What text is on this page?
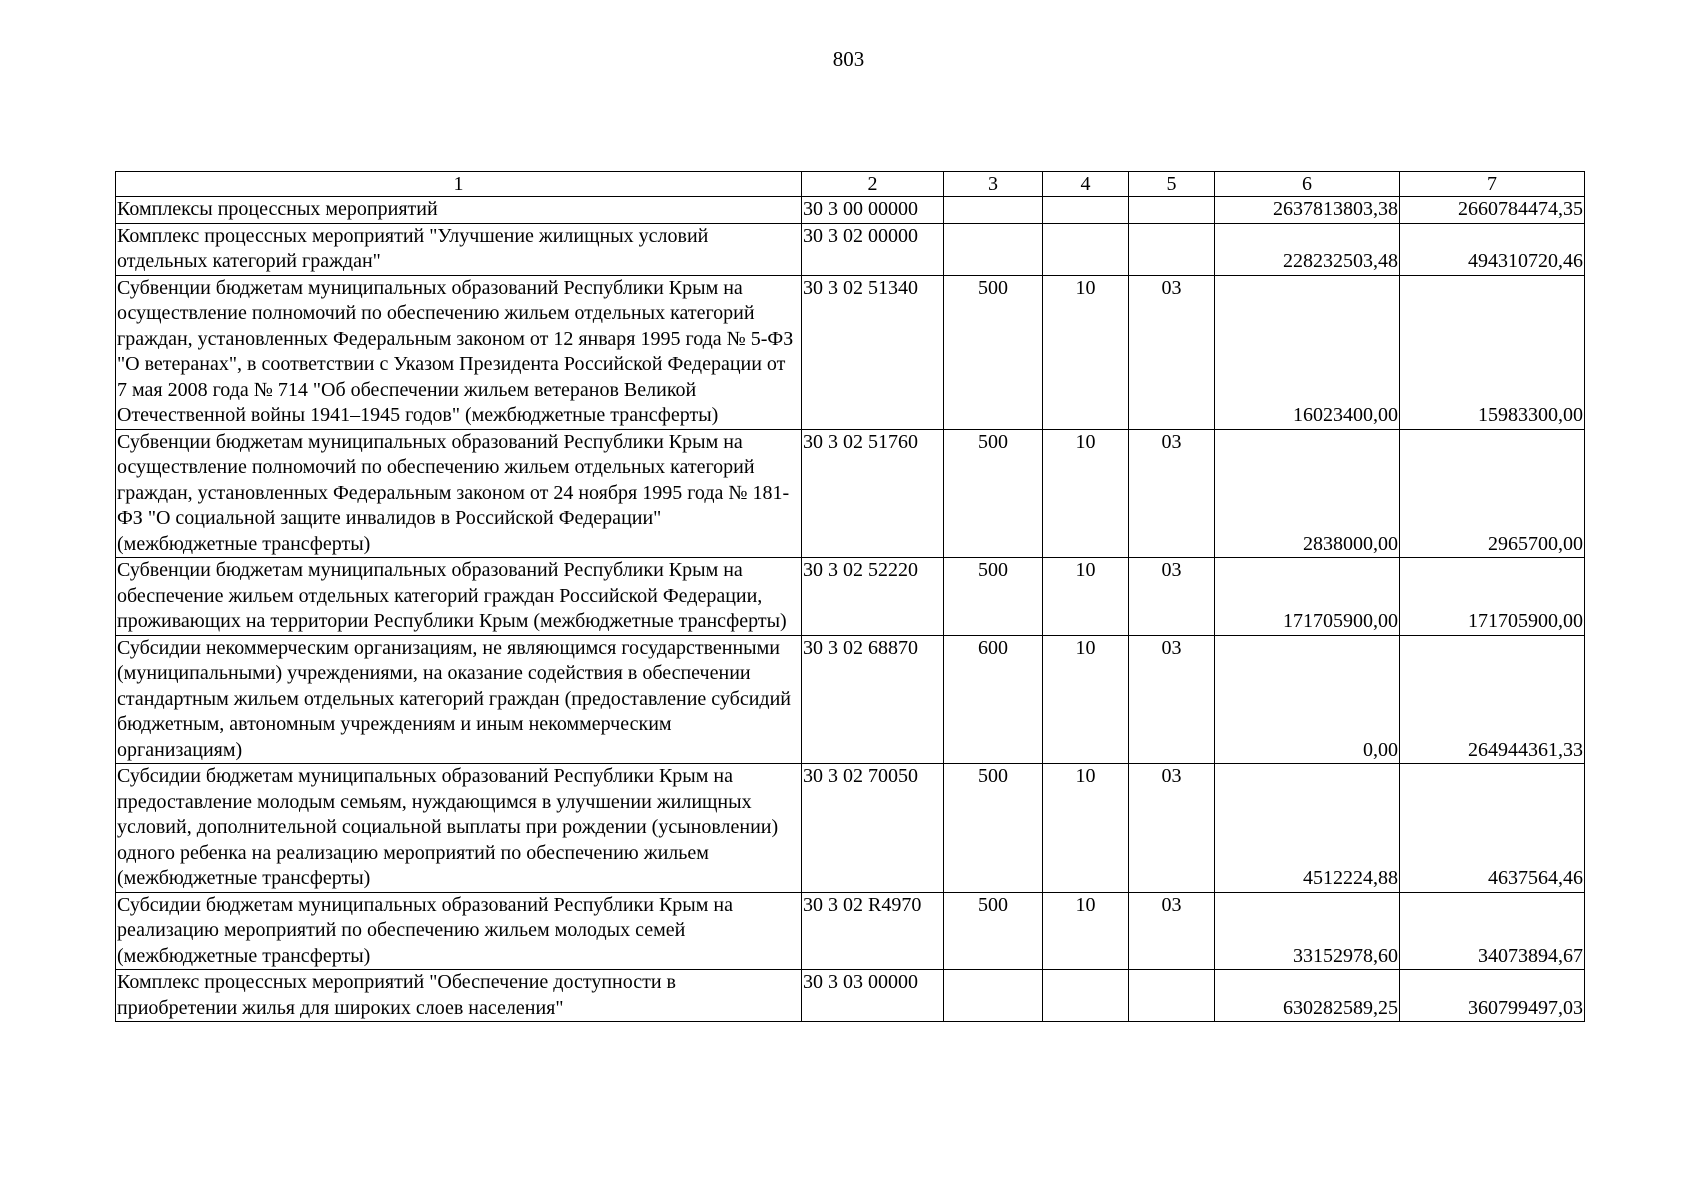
803
1	2	3	4	5	6	7
Комплексы процессных мероприятий	30 3 00 00000				2637813803,38	2660784474,35
Комплекс процессных мероприятий "Улучшение жилищных условий отдельных категорий граждан"	30 3 02 00000				228232503,48	494310720,46
Субвенции бюджетам муниципальных образований Республики Крым на осуществление полномочий по обеспечению жильем отдельных категорий граждан, установленных Федеральным законом от 12 января 1995 года № 5-ФЗ "О ветеранах", в соответствии с Указом Президента Российской Федерации от 7 мая 2008 года № 714 "Об обеспечении жильем ветеранов Великой Отечественной войны 1941–1945 годов" (межбюджетные трансферты)	30 3 02 51340	500	10	03	16023400,00	15983300,00
Субвенции бюджетам муниципальных образований Республики Крым на осуществление полномочий по обеспечению жильем отдельных категорий граждан, установленных Федеральным законом от 24 ноября 1995 года № 181-ФЗ "О социальной защите инвалидов в Российской Федерации" (межбюджетные трансферты)	30 3 02 51760	500	10	03	2838000,00	2965700,00
Субвенции бюджетам муниципальных образований Республики Крым на обеспечение жильем отдельных категорий граждан Российской Федерации, проживающих на территории Республики Крым (межбюджетные трансферты)	30 3 02 52220	500	10	03	171705900,00	171705900,00
Субсидии некоммерческим организациям, не являющимся государственными (муниципальными) учреждениями, на оказание содействия в обеспечении стандартным жильем отдельных категорий граждан (предоставление субсидий бюджетным, автономным учреждениям и иным некоммерческим организациям)	30 3 02 68870	600	10	03	0,00	264944361,33
Субсидии бюджетам муниципальных образований Республики Крым на предоставление молодым семьям, нуждающимся в улучшении жилищных условий, дополнительной социальной выплаты при рождении (усыновлении) одного ребенка на реализацию мероприятий по обеспечению жильем (межбюджетные трансферты)	30 3 02 70050	500	10	03	4512224,88	4637564,46
Субсидии бюджетам муниципальных образований Республики Крым на реализацию мероприятий по обеспечению жильем молодых семей (межбюджетные трансферты)	30 3 02 R4970	500	10	03	33152978,60	34073894,67
Комплекс процессных мероприятий "Обеспечение доступности в приобретении жилья для широких слоев населения"	30 3 03 00000				630282589,25	360799497,03
